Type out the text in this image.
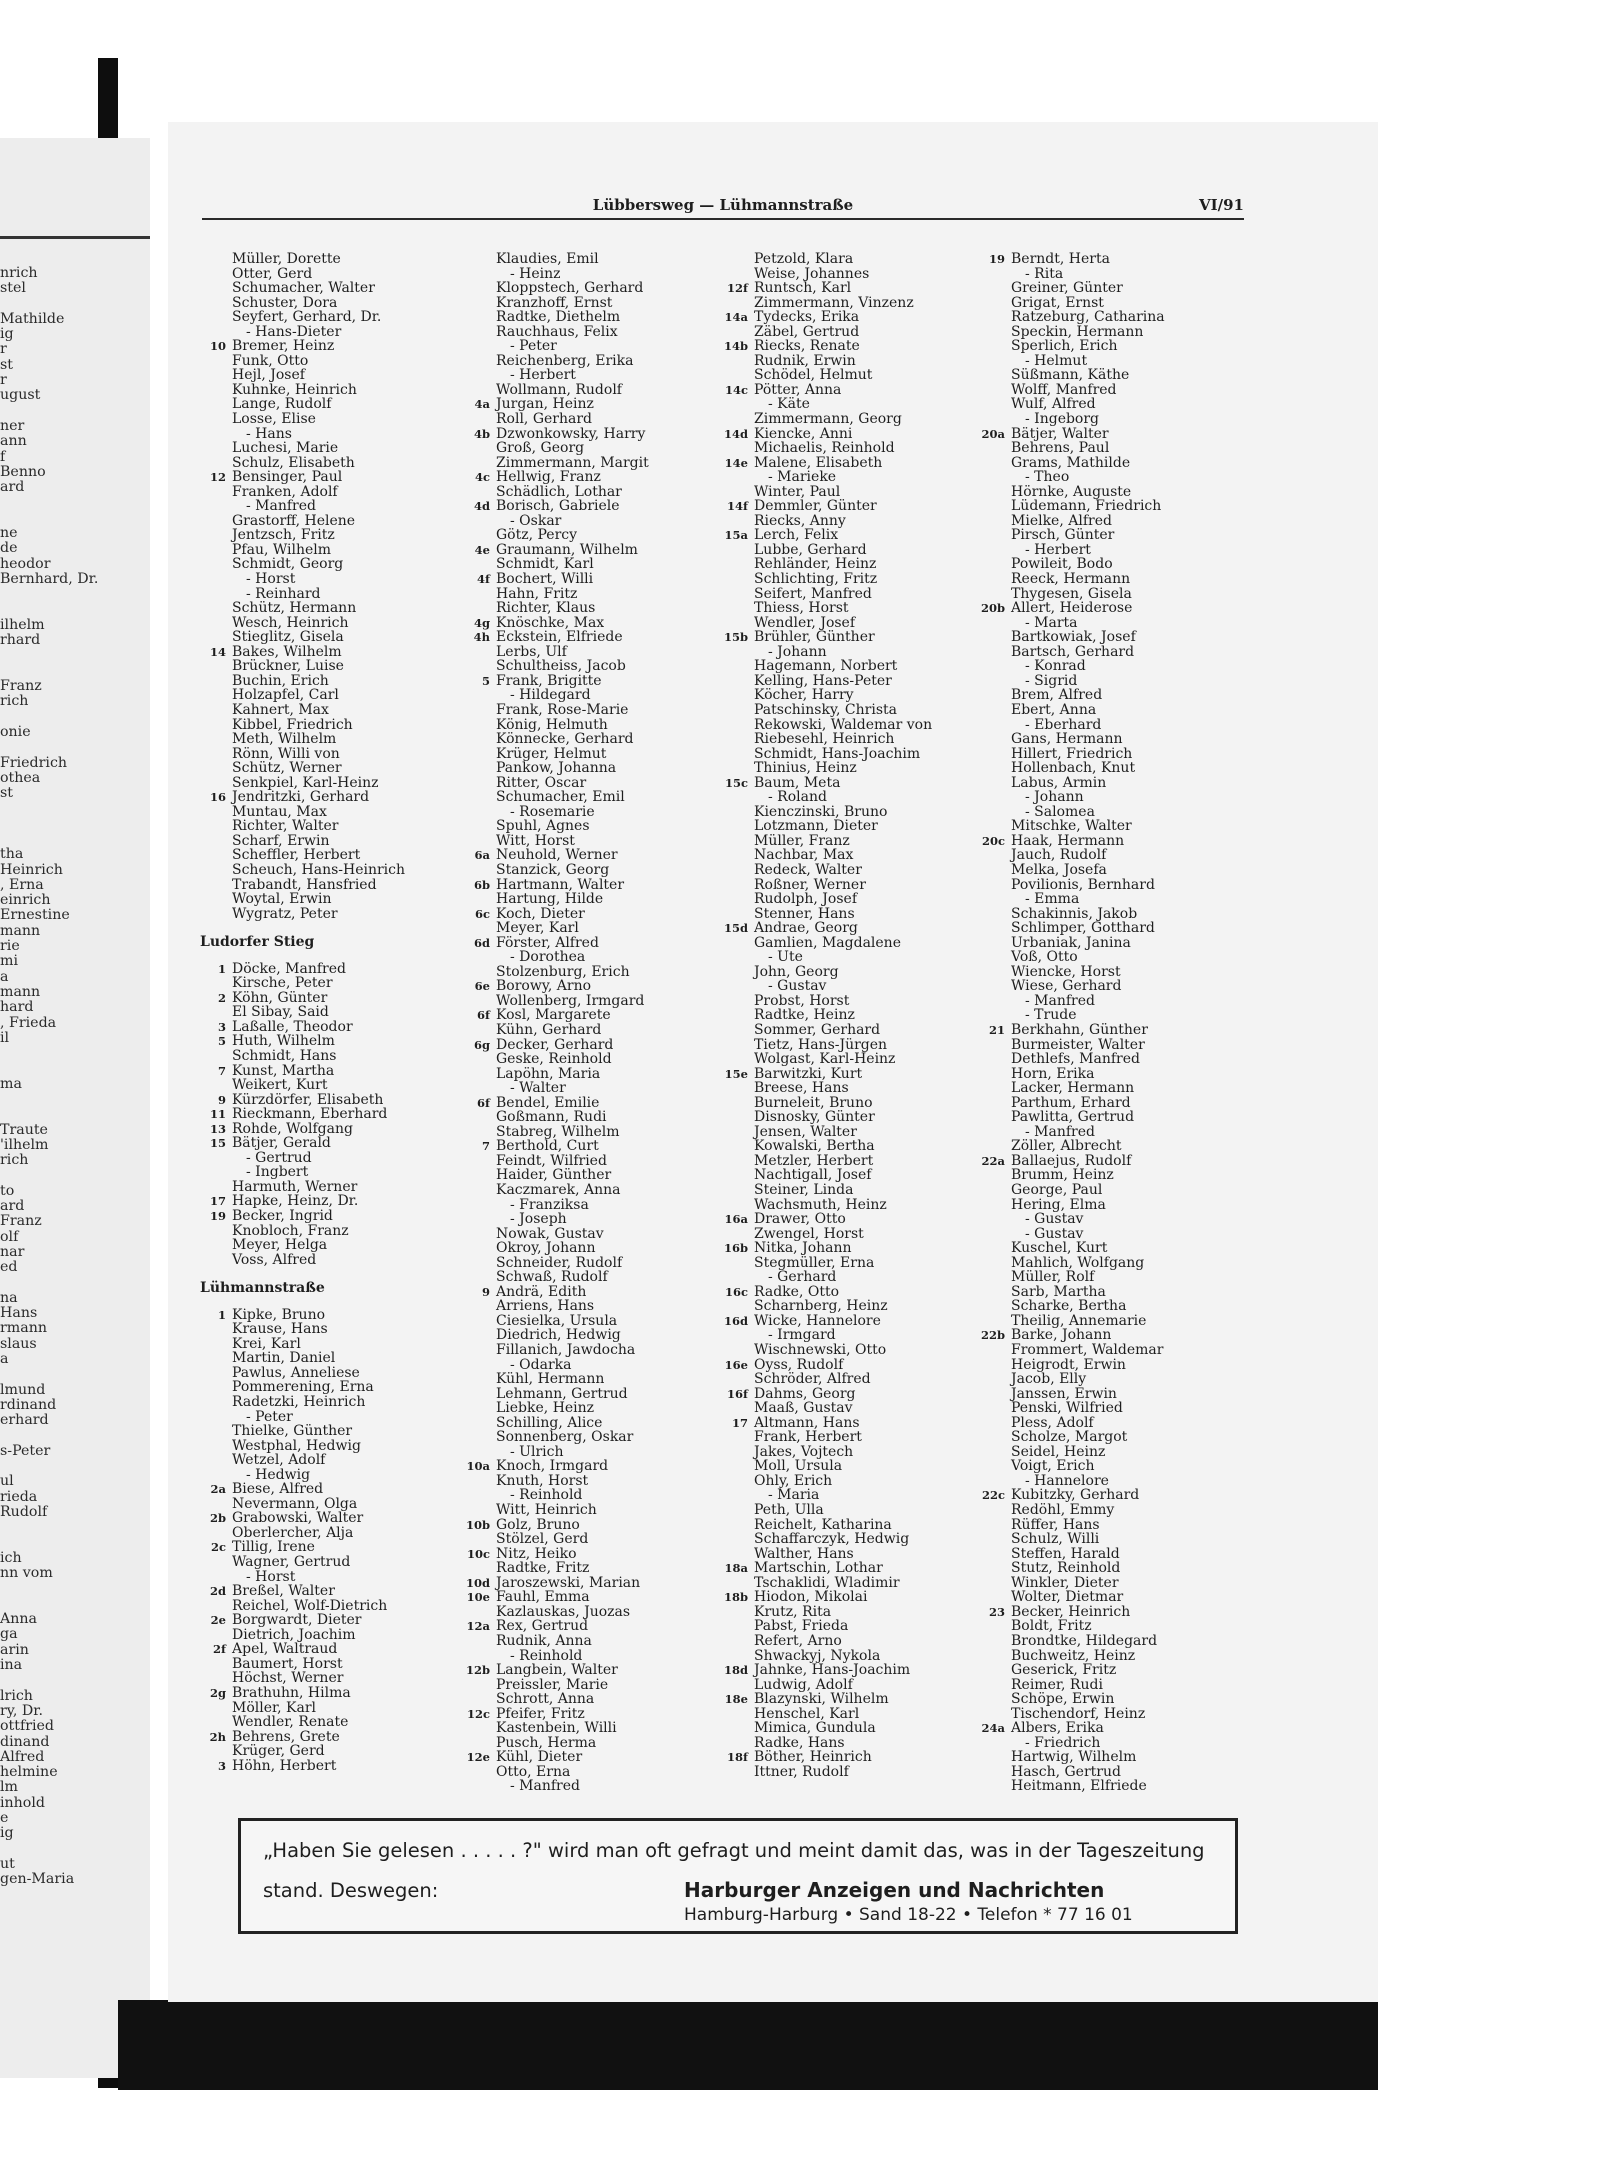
nrich
stel

Mathilde
ig
r
st
r
ugust

ner
ann
f
Benno
ard

ne
de
heodor
Bernhard, Dr.

ilhelm
rhard

Franz
rich

onie

Friedrich
othea
st

tha
Heinrich
, Erna
einrich
Ernestine
mann
rie
mi
a
mann
hard
, Frieda
il

ma

Traute
'ilhelm
rich

to
ard
Franz
olf
nar
ed

na
Hans
rmann
slaus
a

lmund
rdinand
erhard

s-Peter

ul
rieda
Rudolf

ich
nn vom

Anna
ga
arin
ina

lrich
ry, Dr.
ottfried
dinand
Alfred
helmine
lm
inhold
e
ig

ut
gen-Maria
Lübbersweg — Lühmannstraße	VI/91
Müller, Dorette
Otter, Gerd
Schumacher, Walter
Schuster, Dora
Seyfert, Gerhard, Dr.
- Hans-Dieter
10 Bremer, Heinz
Funk, Otto
Hejl, Josef
Kuhnke, Heinrich
Lange, Rudolf
Losse, Elise
- Hans
Luchesi, Marie
Schulz, Elisabeth
12 Bensinger, Paul
Franken, Adolf
- Manfred
Grastorff, Helene
Jentzsch, Fritz
Pfau, Wilhelm
Schmidt, Georg
- Horst
- Reinhard
Schütz, Hermann
Wesch, Heinrich
Stieglitz, Gisela
14 Bakes, Wilhelm
Brückner, Luise
Buchin, Erich
Holzapfel, Carl
Kahnert, Max
Kibbel, Friedrich
Meth, Wilhelm
Rönn, Willi von
Schütz, Werner
Senkpiel, Karl-Heinz
16 Jendritzki, Gerhard
Muntau, Max
Richter, Walter
Scharf, Erwin
Scheffler, Herbert
Scheuch, Hans-Heinrich
Trabandt, Hansfried
Woytal, Erwin
Wygratz, Peter
Ludorfer Stieg
1 Döcke, Manfred
Kirsche, Peter
2 Köhn, Günter
El Sibay, Said
3 Laßalle, Theodor
5 Huth, Wilhelm
Schmidt, Hans
7 Kunst, Martha
Weikert, Kurt
9 Kürzdörfer, Elisabeth
11 Rieckmann, Eberhard
13 Rohde, Wolfgang
15 Bätjer, Gerald
- Gertrud
- Ingbert
Harmuth, Werner
17 Hapke, Heinz, Dr.
19 Becker, Ingrid
Knobloch, Franz
Meyer, Helga
Voss, Alfred
Lühmannstraße
1 Kipke, Bruno
Krause, Hans
Krei, Karl
Martin, Daniel
Pawlus, Anneliese
Pommerening, Erna
Radetzki, Heinrich
- Peter
Thielke, Günther
Westphal, Hedwig
Wetzel, Adolf
- Hedwig
2a Biese, Alfred
Nevermann, Olga
2b Grabowski, Walter
Oberlercher, Alja
2c Tillig, Irene
Wagner, Gertrud
- Horst
2d Breßel, Walter
Reichel, Wolf-Dietrich
2e Borgwardt, Dieter
Dietrich, Joachim
2f Apel, Waltraud
Baumert, Horst
Höchst, Werner
2g Brathuhn, Hilma
Möller, Karl
Wendler, Renate
2h Behrens, Grete
Krüger, Gerd
3 Höhn, Herbert
Klaudies, Emil
- Heinz
Kloppstech, Gerhard
Kranzhoff, Ernst
Radtke, Diethelm
Rauchhaus, Felix
- Peter
Reichenberg, Erika
- Herbert
Wollmann, Rudolf
4a Jurgan, Heinz
Roll, Gerhard
4b Dzwonkowsky, Harry
Groß, Georg
Zimmermann, Margit
4c Hellwig, Franz
Schädlich, Lothar
4d Borisch, Gabriele
- Oskar
Götz, Percy
4e Graumann, Wilhelm
Schmidt, Karl
4f Bochert, Willi
Hahn, Fritz
Richter, Klaus
4g Knöschke, Max
4h Eckstein, Elfriede
Lerbs, Ulf
Schultheiss, Jacob
5 Frank, Brigitte
- Hildegard
Frank, Rose-Marie
König, Helmuth
Könnecke, Gerhard
Krüger, Helmut
Pankow, Johanna
Ritter, Oscar
Schumacher, Emil
- Rosemarie
Spuhl, Agnes
Witt, Horst
6a Neuhold, Werner
Stanzick, Georg
6b Hartmann, Walter
Hartung, Hilde
6c Koch, Dieter
Meyer, Karl
6d Förster, Alfred
- Dorothea
Stolzenburg, Erich
6e Borowy, Arno
Wollenberg, Irmgard
6f Kosl, Margarete
Kühn, Gerhard
6g Decker, Gerhard
Geske, Reinhold
Lapöhn, Maria
- Walter
6f Bendel, Emilie
Goßmann, Rudi
Stabreg, Wilhelm
7 Berthold, Curt
Feindt, Wilfried
Haider, Günther
Kaczmarek, Anna
- Franziksa
- Joseph
Nowak, Gustav
Okroy, Johann
Schneider, Rudolf
Schwaß, Rudolf
9 Andrä, Edith
Arriens, Hans
Ciesielka, Ursula
Diedrich, Hedwig
Fillanich, Jawdocha
- Odarka
Kühl, Hermann
Lehmann, Gertrud
Liebke, Heinz
Schilling, Alice
Sonnenberg, Oskar
- Ulrich
10a Knoch, Irmgard
Knuth, Horst
- Reinhold
Witt, Heinrich
10b Golz, Bruno
Stölzel, Gerd
10c Nitz, Heiko
Radtke, Fritz
10d Jaroszewski, Marian
10e Fauhl, Emma
Kazlauskas, Juozas
12a Rex, Gertrud
Rudnik, Anna
- Reinhold
12b Langbein, Walter
Preissler, Marie
Schrott, Anna
12c Pfeifer, Fritz
Kastenbein, Willi
Pusch, Herma
12e Kühl, Dieter
Otto, Erna
- Manfred
Petzold, Klara
Weise, Johannes
12f Runtsch, Karl
Zimmermann, Vinzenz
14a Tydecks, Erika
Zäbel, Gertrud
14b Riecks, Renate
Rudnik, Erwin
Schödel, Helmut
14c Pötter, Anna
- Käte
Zimmermann, Georg
14d Kiencke, Anni
Michaelis, Reinhold
14e Malene, Elisabeth
- Marieke
Winter, Paul
14f Demmler, Günter
Riecks, Anny
15a Lerch, Felix
Lubbe, Gerhard
Rehländer, Heinz
Schlichting, Fritz
Seifert, Manfred
Thiess, Horst
Wendler, Josef
15b Brühler, Günther
- Johann
Hagemann, Norbert
Kelling, Hans-Peter
Köcher, Harry
Patschinsky, Christa
Rekowski, Waldemar von
Riebesehl, Heinrich
Schmidt, Hans-Joachim
Thinius, Heinz
15c Baum, Meta
- Roland
Kienczinski, Bruno
Lotzmann, Dieter
Müller, Franz
Nachbar, Max
Redeck, Walter
Roßner, Werner
Rudolph, Josef
Stenner, Hans
15d Andrae, Georg
Gamlien, Magdalene
- Ute
John, Georg
- Gustav
Probst, Horst
Radtke, Heinz
Sommer, Gerhard
Tietz, Hans-Jürgen
Wolgast, Karl-Heinz
15e Barwitzki, Kurt
Breese, Hans
Burneleit, Bruno
Disnosky, Günter
Jensen, Walter
Kowalski, Bertha
Metzler, Herbert
Nachtigall, Josef
Steiner, Linda
Wachsmuth, Heinz
16a Drawer, Otto
Zwengel, Horst
16b Nitka, Johann
Stegmüller, Erna
- Gerhard
16c Radke, Otto
Scharnberg, Heinz
16d Wicke, Hannelore
- Irmgard
Wischnewski, Otto
16e Oyss, Rudolf
Schröder, Alfred
16f Dahms, Georg
Maaß, Gustav
17 Altmann, Hans
Frank, Herbert
Jakes, Vojtech
Moll, Ursula
Ohly, Erich
- Maria
Peth, Ulla
Reichelt, Katharina
Schaffarczyk, Hedwig
Walther, Hans
18a Martschin, Lothar
Tschaklidi, Wladimir
18b Hiodon, Mikolai
Krutz, Rita
Pabst, Frieda
Refert, Arno
Shwackyj, Nykola
18d Jahnke, Hans-Joachim
Ludwig, Adolf
18e Blazynski, Wilhelm
Henschel, Karl
Mimica, Gundula
Radke, Hans
18f Böther, Heinrich
Ittner, Rudolf
19 Berndt, Herta
- Rita
Greiner, Günter
Grigat, Ernst
Ratzeburg, Catharina
Speckin, Hermann
Sperlich, Erich
- Helmut
Süßmann, Käthe
Wolff, Manfred
Wulf, Alfred
- Ingeborg
20a Bätjer, Walter
Behrens, Paul
Grams, Mathilde
- Theo
Hörnke, Auguste
Lüdemann, Friedrich
Mielke, Alfred
Pirsch, Günter
- Herbert
Powileit, Bodo
Reeck, Hermann
Thygesen, Gisela
20b Allert, Heiderose
- Marta
Bartkowiak, Josef
Bartsch, Gerhard
- Konrad
- Sigrid
Brem, Alfred
Ebert, Anna
- Eberhard
Gans, Hermann
Hillert, Friedrich
Hollenbach, Knut
Labus, Armin
- Johann
- Salomea
Mitschke, Walter
20c Haak, Hermann
Jauch, Rudolf
Melka, Josefa
Povilionis, Bernhard
- Emma
Schakinnis, Jakob
Schlimper, Gotthard
Urbaniak, Janina
Voß, Otto
Wiencke, Horst
Wiese, Gerhard
- Manfred
- Trude
21 Berkhahn, Günther
Burmeister, Walter
Dethlefs, Manfred
Horn, Erika
Lacker, Hermann
Parthum, Erhard
Pawlitta, Gertrud
- Manfred
Zöller, Albrecht
22a Ballaejus, Rudolf
Brumm, Heinz
George, Paul
Hering, Elma
- Gustav
- Gustav
Kuschel, Kurt
Mahlich, Wolfgang
Müller, Rolf
Sarb, Martha
Scharke, Bertha
Theilig, Annemarie
22b Barke, Johann
Frommert, Waldemar
Heigrodt, Erwin
Jacob, Elly
Janssen, Erwin
Penski, Wilfried
Pless, Adolf
Scholze, Margot
Seidel, Heinz
Voigt, Erich
- Hannelore
22c Kubitzky, Gerhard
Redöhl, Emmy
Rüffer, Hans
Schulz, Willi
Steffen, Harald
Stutz, Reinhold
Winkler, Dieter
Wolter, Dietmar
23 Becker, Heinrich
Boldt, Fritz
Brondtke, Hildegard
Buchweitz, Heinz
Geserick, Fritz
Reimer, Rudi
Schöpe, Erwin
Tischendorf, Heinz
24a Albers, Erika
- Friedrich
Hartwig, Wilhelm
Hasch, Gertrud
Heitmann, Elfriede
„Haben Sie gelesen . . . . . ?" wird man oft gefragt und meint damit das, was in der Tageszeitung
stand. Deswegen:	Harburger Anzeigen und Nachrichten
Hamburg-Harburg • Sand 18-22 • Telefon * 77 16 01
